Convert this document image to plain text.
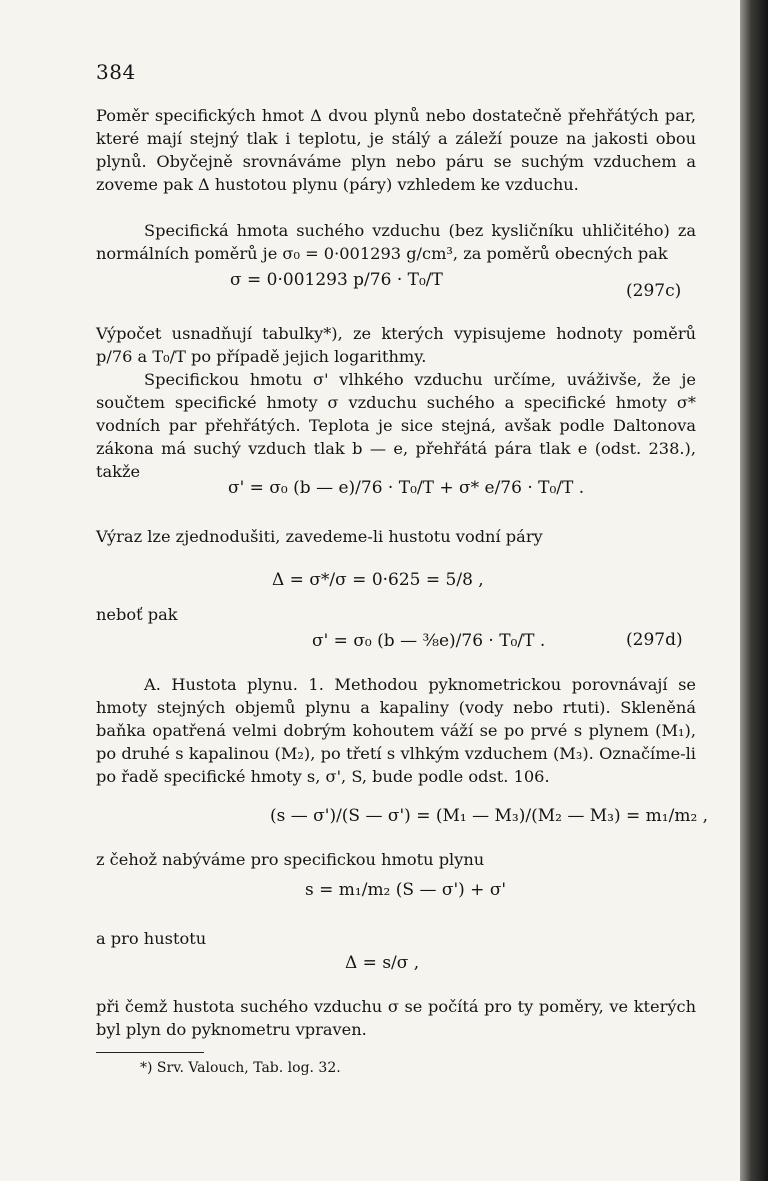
384
Poměr specifických hmot Δ dvou plynů nebo dostatečně přehřátých par, které mají stejný tlak i teplotu, je stálý a záleží pouze na jakosti obou plynů. Obyčejně srovnáváme plyn nebo páru se suchým vzduchem a zoveme pak Δ hustotou plynu (páry) vzhledem ke vzduchu.
Specifická hmota suchého vzduchu (bez kysličníku uhličitého) za normálních poměrů je σ₀ = 0·001293 g/cm³, za poměrů obecných pak
σ = 0·001293 p/76 · T₀/T
(297c)
Výpočet usnadňují tabulky*), ze kterých vypisujeme hodnoty poměrů p/76 a T₀/T po případě jejich logarithmy.
Specifickou hmotu σ' vlhkého vzduchu určíme, uváživše, že je součtem specifické hmoty σ vzduchu suchého a specifické hmoty σ* vodních par přehřátých. Teplota je sice stejná, avšak podle Daltonova zákona má suchý vzduch tlak b — e, přehřátá pára tlak e (odst. 238.), takže
σ' = σ₀ (b — e)/76 · T₀/T + σ* e/76 · T₀/T .
Výraz lze zjednodušiti, zavedeme-li hustotu vodní páry
Δ = σ*/σ = 0·625 = 5/8 ,
neboť pak
σ' = σ₀ (b — ⅜e)/76 · T₀/T .	(297d)
A. Hustota plynu. 1. Methodou pyknometrickou porovnávají se hmoty stejných objemů plynu a kapaliny (vody nebo rtuti). Skleněná baňka opatřená velmi dobrým kohoutem váží se po prvé s plynem (M₁), po druhé s kapalinou (M₂), po třetí s vlhkým vzduchem (M₃). Označíme-li po řadě specifické hmoty s, σ', S, bude podle odst. 106.
(s — σ')/(S — σ') = (M₁ — M₃)/(M₂ — M₃) = m₁/m₂ ,
z čehož nabýváme pro specifickou hmotu plynu
s = m₁/m₂ (S — σ') + σ'
a pro hustotu
Δ = s/σ ,
při čemž hustota suchého vzduchu σ se počítá pro ty poměry, ve kterých byl plyn do pyknometru vpraven.
*) Srv. Valouch, Tab. log. 32.
